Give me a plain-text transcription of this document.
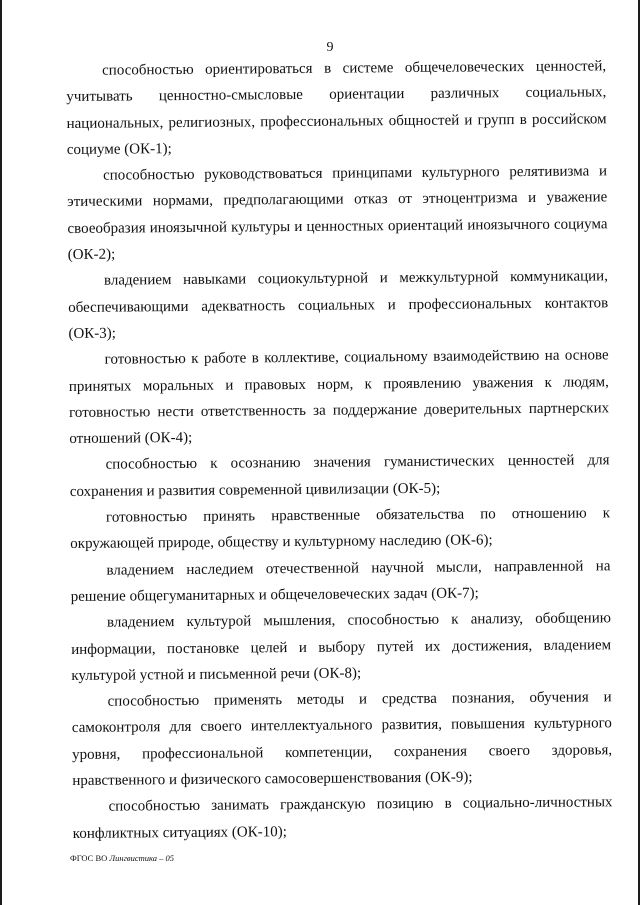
9

способностью ориентироваться в системе общечеловеческих ценностей, учитывать ценностно-смысловые ориентации различных социальных, национальных, религиозных, профессиональных общностей и групп в российском социуме (ОК-1);

способностью руководствоваться принципами культурного релятивизма и этическими нормами, предполагающими отказ от этноцентризма и уважение своеобразия иноязычной культуры и ценностных ориентаций иноязычного социума (ОК-2);

владением навыками социокультурной и межкультурной коммуникации, обеспечивающими адекватность социальных и профессиональных контактов (ОК-3);

готовностью к работе в коллективе, социальному взаимодействию на основе принятых моральных и правовых норм, к проявлению уважения к людям, готовностью нести ответственность за поддержание доверительных партнерских отношений (ОК-4);

способностью к осознанию значения гуманистических ценностей для сохранения и развития современной цивилизации (ОК-5);

готовностью принять нравственные обязательства по отношению к окружающей природе, обществу и культурному наследию (ОК-6);

владением наследием отечественной научной мысли, направленной на решение общегуманитарных и общечеловеческих задач (ОК-7);

владением культурой мышления, способностью к анализу, обобщению информации, постановке целей и выбору путей их достижения, владением культурой устной и письменной речи (ОК-8);

способностью применять методы и средства познания, обучения и самоконтроля для своего интеллектуального развития, повышения культурного уровня, профессиональной компетенции, сохранения своего здоровья, нравственного и физического самосовершенствования (ОК-9);

способностью занимать гражданскую позицию в социально-личностных конфликтных ситуациях (ОК-10);

ФГОС ВО Лингвистика – 05
